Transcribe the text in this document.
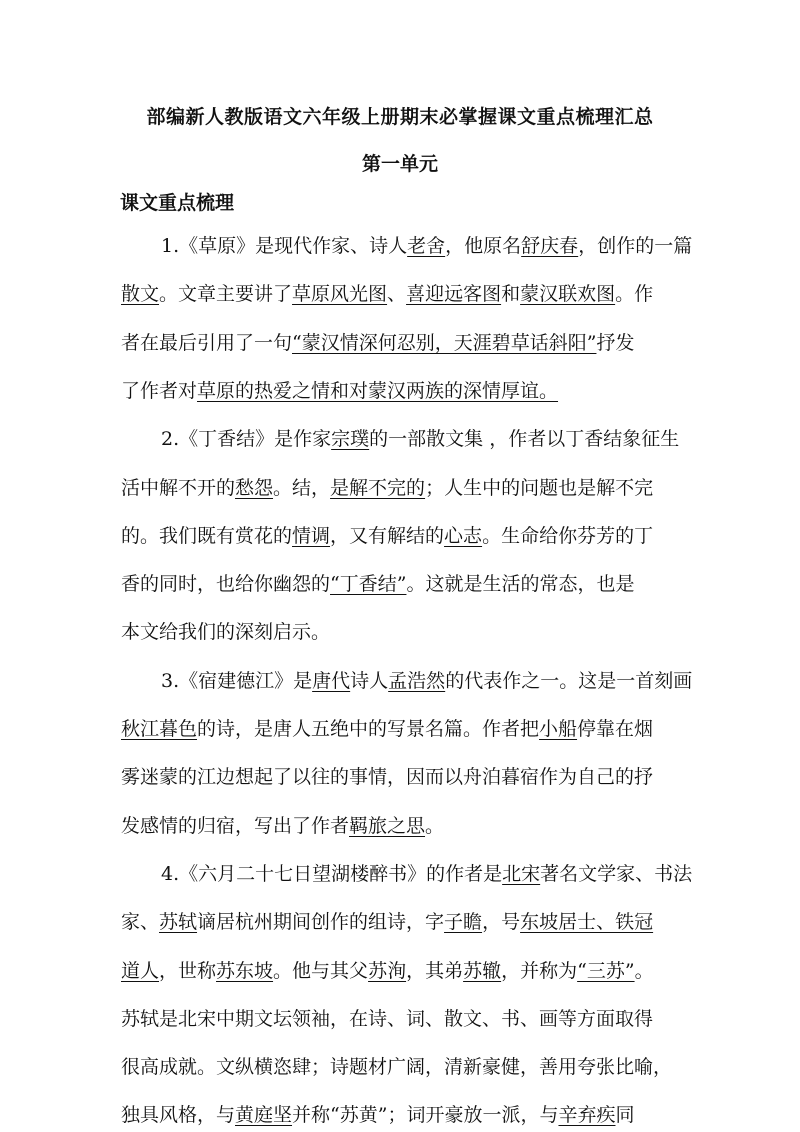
部编新人教版语文六年级上册期末必掌握课文重点梳理汇总
第一单元
课文重点梳理
1.《草原》是现代作家、诗人老舍，他原名舒庆春，创作的一篇
散文。文章主要讲了草原风光图、喜迎远客图和蒙汉联欢图。作
者在最后引用了一句“蒙汉情深何忍别，天涯碧草话斜阳”抒发
了作者对草原的热爱之情和对蒙汉两族的深情厚谊。
2.《丁香结》是作家宗璞的一部散文集 ，作者以丁香结象征生
活中解不开的愁怨。结，是解不完的；人生中的问题也是解不完
的。我们既有赏花的情调，又有解结的心志。生命给你芬芳的丁
香的同时，也给你幽怨的“丁香结”。这就是生活的常态，也是
本文给我们的深刻启示。
3.《宿建德江》是唐代诗人孟浩然的代表作之一。这是一首刻画
秋江暮色的诗，是唐人五绝中的写景名篇。作者把小船停靠在烟
雾迷蒙的江边想起了以往的事情，因而以舟泊暮宿作为自己的抒
发感情的归宿，写出了作者羁旅之思。
4.《六月二十七日望湖楼醉书》的作者是北宋著名文学家、书法
家、苏轼谪居杭州期间创作的组诗，字子瞻，号东坡居士、铁冠
道人，世称苏东坡。他与其父苏洵，其弟苏辙，并称为“三苏”。
苏轼是北宋中期文坛领袖，在诗、词、散文、书、画等方面取得
很高成就。文纵横恣肆；诗题材广阔，清新豪健，善用夸张比喻，
独具风格，与黄庭坚并称“苏黄”；词开豪放一派，与辛弃疾同
